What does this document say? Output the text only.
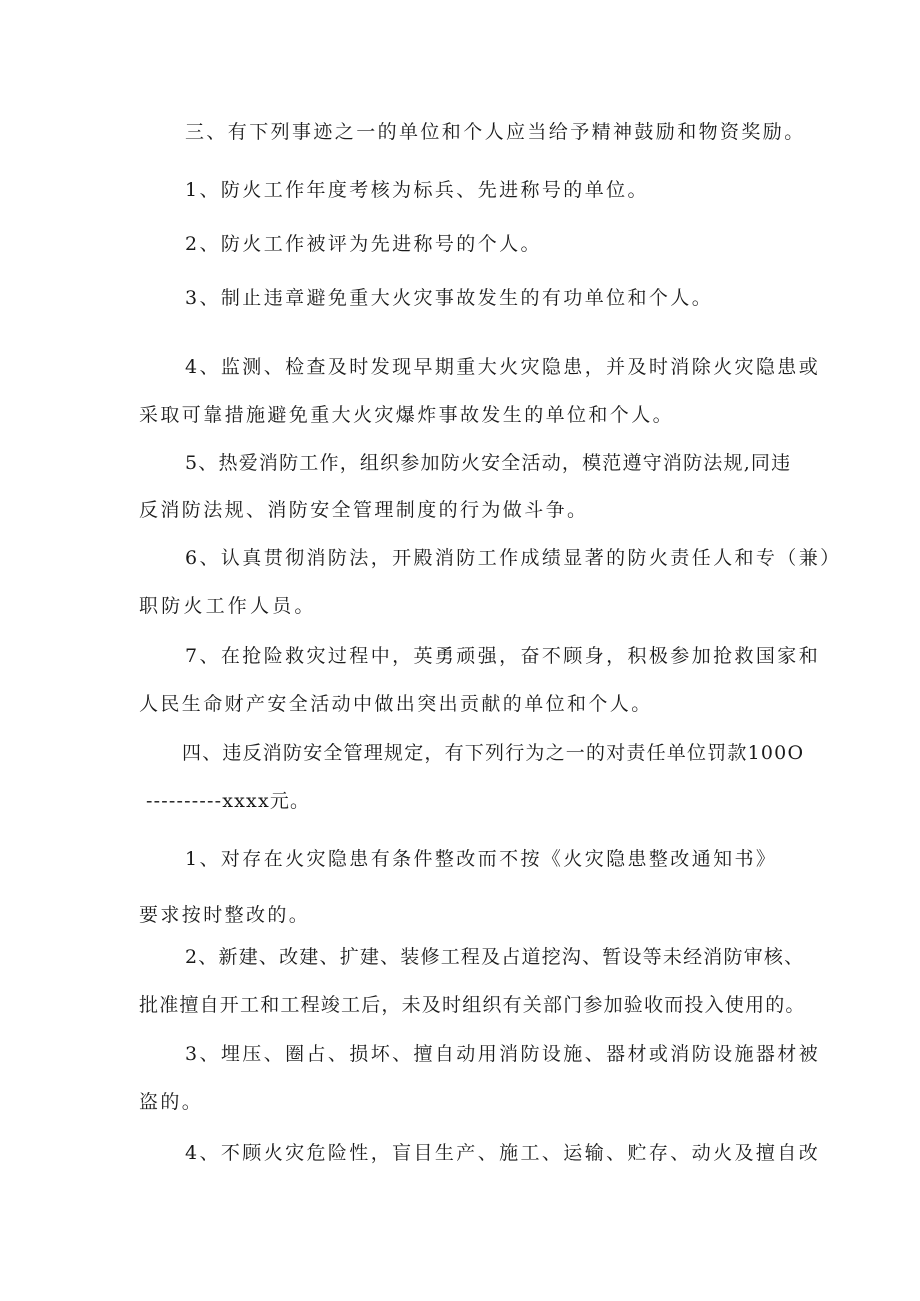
三、有下列事迹之一的单位和个人应当给予精神鼓励和物资奖励。
1、防火工作年度考核为标兵、先进称号的单位。
2、防火工作被评为先进称号的个人。
3、制止违章避免重大火灾事故发生的有功单位和个人。
4、监测、检查及时发现早期重大火灾隐患，并及时消除火灾隐患或
采取可靠措施避免重大火灾爆炸事故发生的单位和个人。
5、热爱消防工作，组织参加防火安全活动，模范遵守消防法规,同违
反消防法规、消防安全管理制度的行为做斗争。
6、认真贯彻消防法，开殿消防工作成绩显著的防火责任人和专（兼）
职防火工作人员。
7、在抢险救灾过程中，英勇顽强，奋不顾身，积极参加抢救国家和
人民生命财产安全活动中做出突出贡献的单位和个人。
四、违反消防安全管理规定，有下列行为之一的对责任单位罚款100O
----------xxxx元。
1、对存在火灾隐患有条件整改而不按《火灾隐患整改通知书》
要求按时整改的。
2、新建、改建、扩建、装修工程及占道挖沟、暂设等未经消防审核、
批准擅自开工和工程竣工后，未及时组织有关部门参加验收而投入使用的。
3、埋压、圈占、损坏、擅自动用消防设施、器材或消防设施器材被
盗的。
4、不顾火灾危险性，盲目生产、施工、运输、贮存、动火及擅自改
